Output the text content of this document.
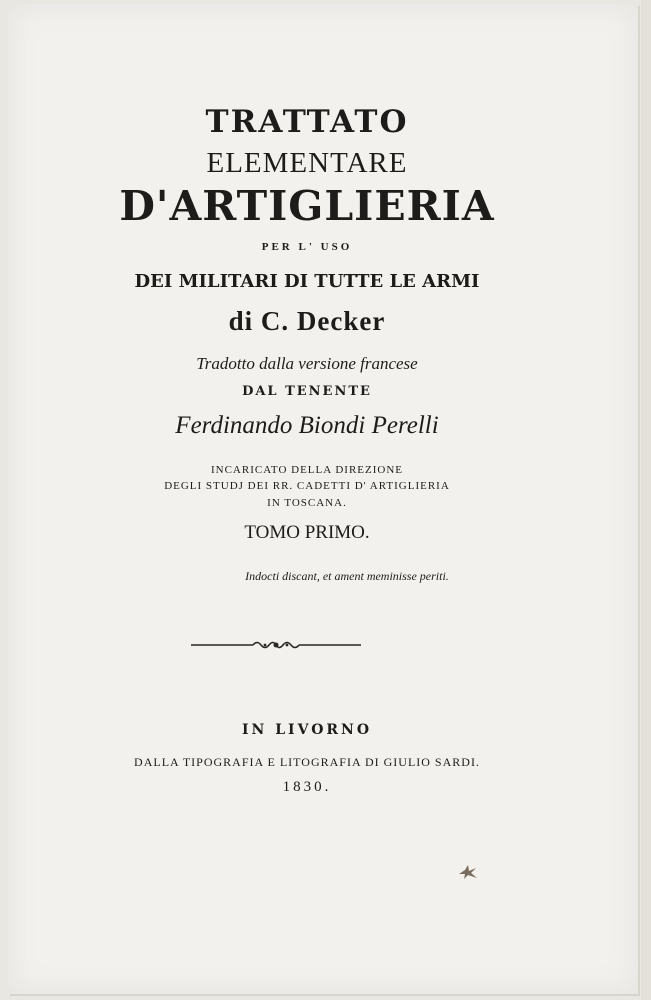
TRATTATO
ELEMENTARE
D'ARTIGLIERIA
PER L' USO
DEI MILITARI DI TUTTE LE ARMI
di C. Decker
Tradotto dalla versione francese
DAL TENENTE
Ferdinando Biondi Perelli
INCARICATO DELLA DIREZIONE
DEGLI STUDJ DEI RR. CADETTI D' ARTIGLIERIA
IN TOSCANA.
TOMO PRIMO.
Indocti discant, et ament meminisse periti.
IN LIVORNO
DALLA TIPOGRAFIA E LITOGRAFIA DI GIULIO SARDI.
1830.
